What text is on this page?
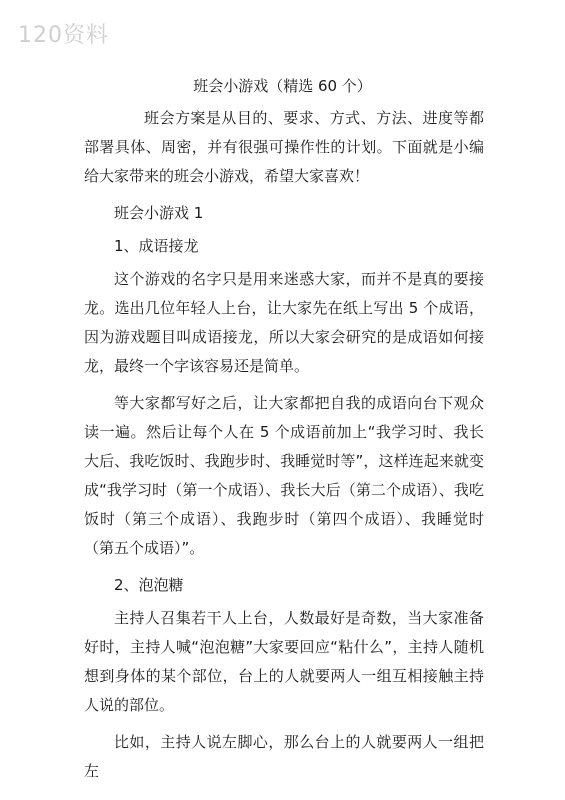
120资料
班会小游戏（精选 60 个）

班会方案是从目的、要求、方式、方法、进度等都部署具体、周密，并有很强可操作性的计划。下面就是小编给大家带来的班会小游戏，希望大家喜欢！

班会小游戏 1

1、成语接龙

这个游戏的名字只是用来迷惑大家，而并不是真的要接龙。选出几位年轻人上台，让大家先在纸上写出 5 个成语，因为游戏题目叫成语接龙，所以大家会研究的是成语如何接龙，最终一个字该容易还是简单。

等大家都写好之后，让大家都把自我的成语向台下观众读一遍。然后让每个人在 5 个成语前加上“我学习时、我长大后、我吃饭时、我跑步时、我睡觉时等”，这样连起来就变成“我学习时（第一个成语）、我长大后（第二个成语）、我吃饭时（第三个成语）、我跑步时（第四个成语）、我睡觉时（第五个成语）”。

2、泡泡糖

主持人召集若干人上台，人数最好是奇数，当大家准备好时，主持人喊“泡泡糖”大家要回应“粘什么”，主持人随机想到身体的某个部位，台上的人就要两人一组互相接触主持人说的部位。

比如，主持人说左脚心，那么台上的人就要两人一组把左
